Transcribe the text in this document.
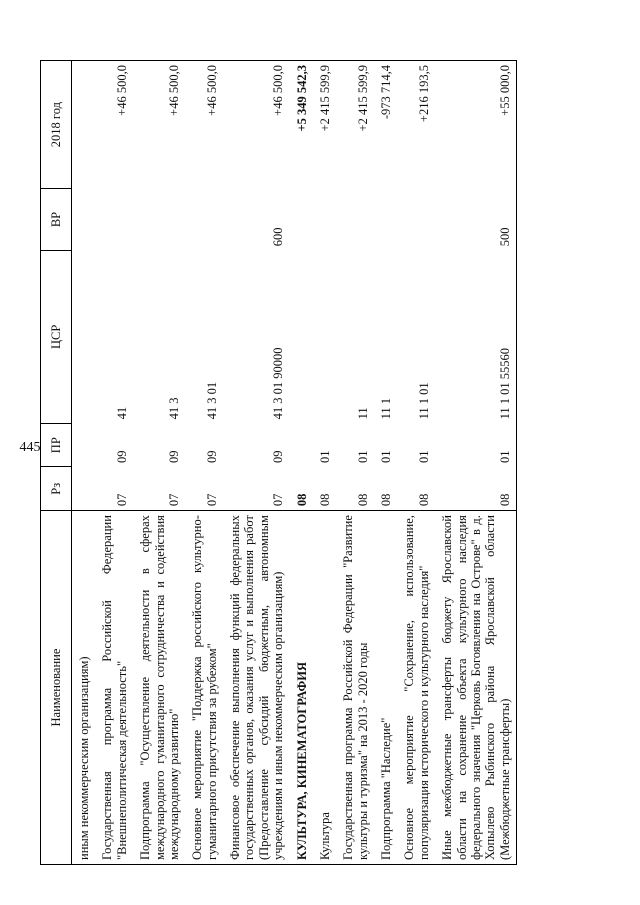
445
Наименование	Рз	ПР	ЦСР	ВР	2018 год
иным некоммерческим организациям)					
Государственная программа Российской Федерации "Внешнеполитическая деятельность"	07	09	41		+46 500,0
Подпрограмма "Осуществление деятельности в сферах международного гуманитарного сотрудничества и содействия международному развитию"	07	09	41 3		+46 500,0
Основное мероприятие "Поддержка российского культурно-гуманитарного присутствия за рубежом"	07	09	41 3 01		+46 500,0
Финансовое обеспечение выполнения функций федеральных государственных органов, оказания услуг и выполнения работ (Предоставление субсидий бюджетным, автономным учреждениям и иным некоммерческим организациям)	07	09	41 3 01 90000	600	+46 500,0
КУЛЬТУРА, КИНЕМАТОГРАФИЯ	08				+5 349 542,3
Культура	08	01			+2 415 599,9
Государственная программа Российской Федерации "Развитие культуры и туризма" на 2013 - 2020 годы	08	01	11		+2 415 599,9
Подпрограмма "Наследие"	08	01	11 1		-973 714,4
Основное мероприятие "Сохранение, использование, популяризация исторического и культурного наследия"	08	01	11 1 01		+216 193,5
Иные межбюджетные трансферты бюджету Ярославской области на сохранение объекта культурного наследия федерального значения "Церковь Богоявления на Острове" в д. Хопылево Рыбинского района Ярославской области (Межбюджетные трансферты)	08	01	11 1 01 55560	500	+55 000,0
